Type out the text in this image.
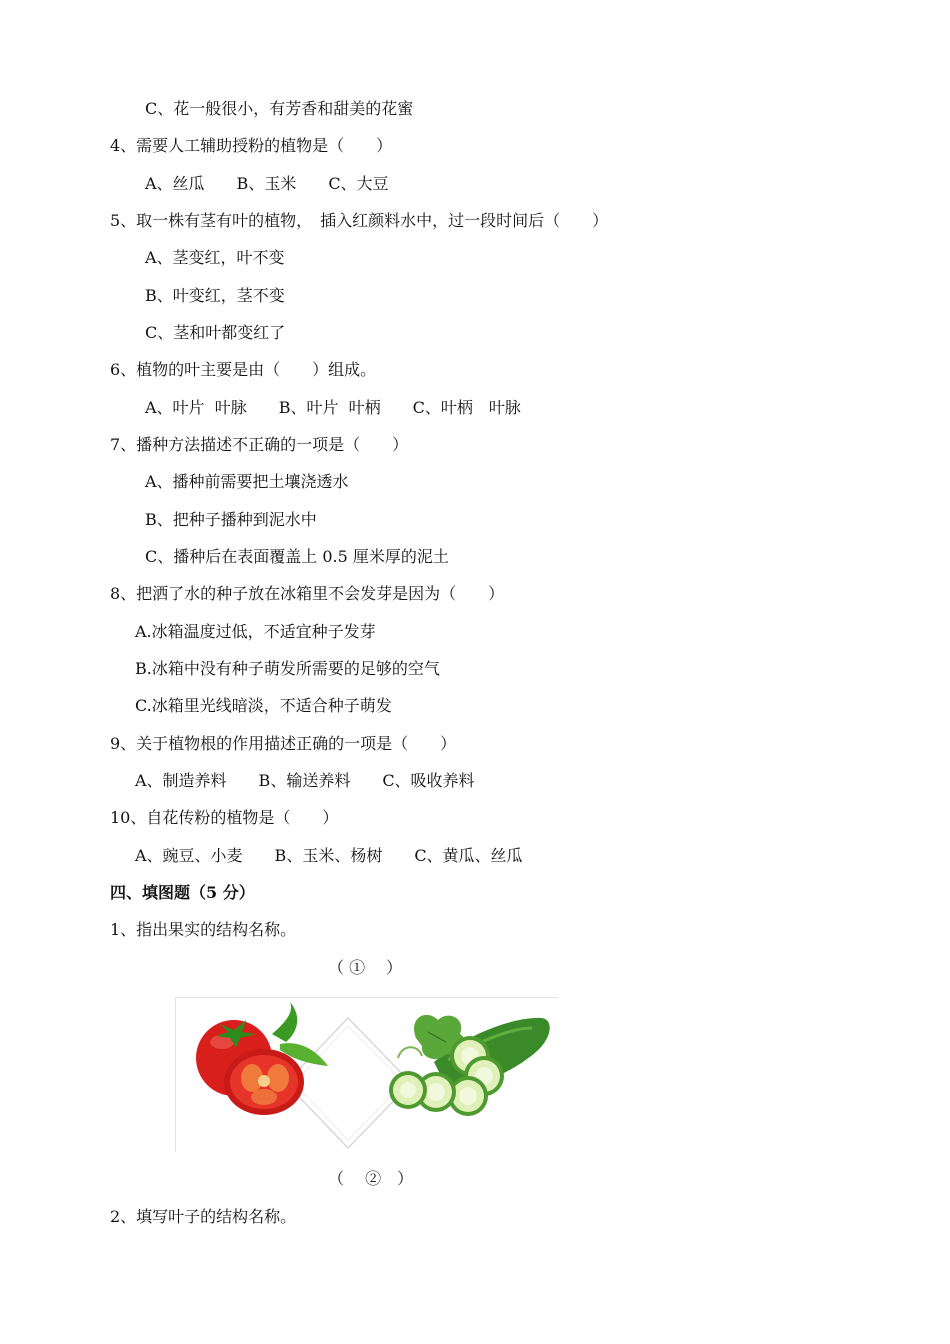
C、花一般很小，有芳香和甜美的花蜜
4、需要人工辅助授粉的植物是（　　）
A、丝瓜　　B、玉米　　C、大豆
5、取一株有茎有叶的植物，　插入红颜料水中，过一段时间后（　　）
A、茎变红，叶不变
B、叶变红，茎不变
C、茎和叶都变红了
6、植物的叶主要是由（　　）组成。
A、叶片  叶脉　　B、叶片  叶柄　　C、叶柄　叶脉
7、播种方法描述不正确的一项是（　　）
A、播种前需要把土壤浇透水
B、把种子播种到泥水中
C、播种后在表面覆盖上 0.5 厘米厚的泥土
8、把洒了水的种子放在冰箱里不会发芽是因为（　　）
A.冰箱温度过低，不适宜种子发芽
B.冰箱中没有种子萌发所需要的足够的空气
C.冰箱里光线暗淡，不适合种子萌发
9、关于植物根的作用描述正确的一项是（　　）
A、制造养料　　B、输送养料　　C、吸收养料
10、自花传粉的植物是（　　）
A、豌豆、小麦　　B、玉米、杨树　　C、黄瓜、丝瓜
四、填图题（5 分）
1、指出果实的结构名称。
（ ①　 ）
（　 ②　）
2、填写叶子的结构名称。
